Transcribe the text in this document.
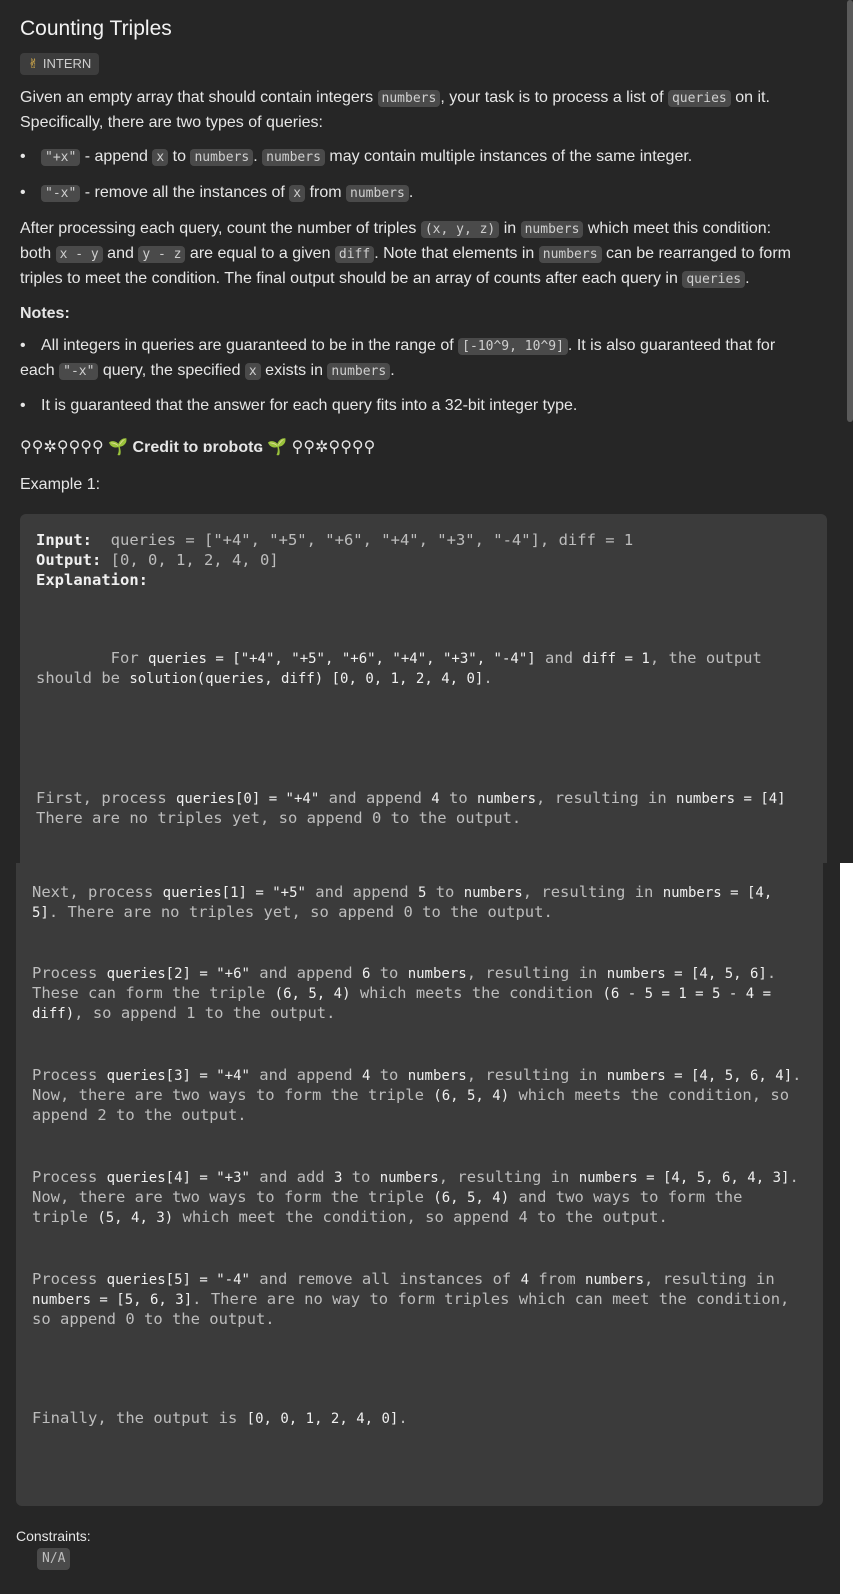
Counting Triples
✌ INTERN
Given an empty array that should contain integers numbers , your task is to process a list of queries on it.
Specifically, there are two types of queries:
•	"+x" - append x to numbers . numbers may contain multiple instances of the same integer.
•	"-x" - remove all the instances of x from numbers .
After processing each query, count the number of triples (x, y, z) in numbers which meet this condition:
both x - y and y - z are equal to a given diff . Note that elements in numbers can be rearranged to form
triples to meet the condition. The final output should be an array of counts after each query in queries .
Notes:
• All integers in queries are guaranteed to be in the range of [-10^9, 10^9] . It is also guaranteed that for
each "-x" query, the specified x exists in numbers .
• It is guaranteed that the answer for each query fits into a 32-bit integer type.
⚲⚲✲⚲⚲⚲⚲ 🌱 Credit to ɒrobotɢ 🌱 ⚲⚲✲⚲⚲⚲⚲
Example 1:
Input:  queries = ["+4", "+5", "+6", "+4", "+3", "-4"], diff = 1
Output: [0, 0, 1, 2, 4, 0]
Explanation:
For queries = ["+4", "+5", "+6", "+4", "+3", "-4"] and diff = 1, the output
should be solution(queries, diff) [0, 0, 1, 2, 4, 0].
First, process queries[0] = "+4" and append 4 to numbers, resulting in numbers = [4]
There are no triples yet, so append 0 to the output.
Next, process queries[1] = "+5" and append 5 to numbers, resulting in numbers = [4,
5]. There are no triples yet, so append 0 to the output.
Process queries[2] = "+6" and append 6 to numbers, resulting in numbers = [4, 5, 6].
These can form the triple (6, 5, 4) which meets the condition (6 - 5 = 1 = 5 - 4 =
diff), so append 1 to the output.
Process queries[3] = "+4" and append 4 to numbers, resulting in numbers = [4, 5, 6, 4].
Now, there are two ways to form the triple (6, 5, 4) which meets the condition, so
append 2 to the output.
Process queries[4] = "+3" and add 3 to numbers, resulting in numbers = [4, 5, 6, 4, 3].
Now, there are two ways to form the triple (6, 5, 4) and two ways to form the
triple (5, 4, 3) which meet the condition, so append 4 to the output.
Process queries[5] = "-4" and remove all instances of 4 from numbers, resulting in
numbers = [5, 6, 3]. There are no way to form triples which can meet the condition,
so append 0 to the output.
Finally, the output is [0, 0, 1, 2, 4, 0].
Constraints:
N/A
